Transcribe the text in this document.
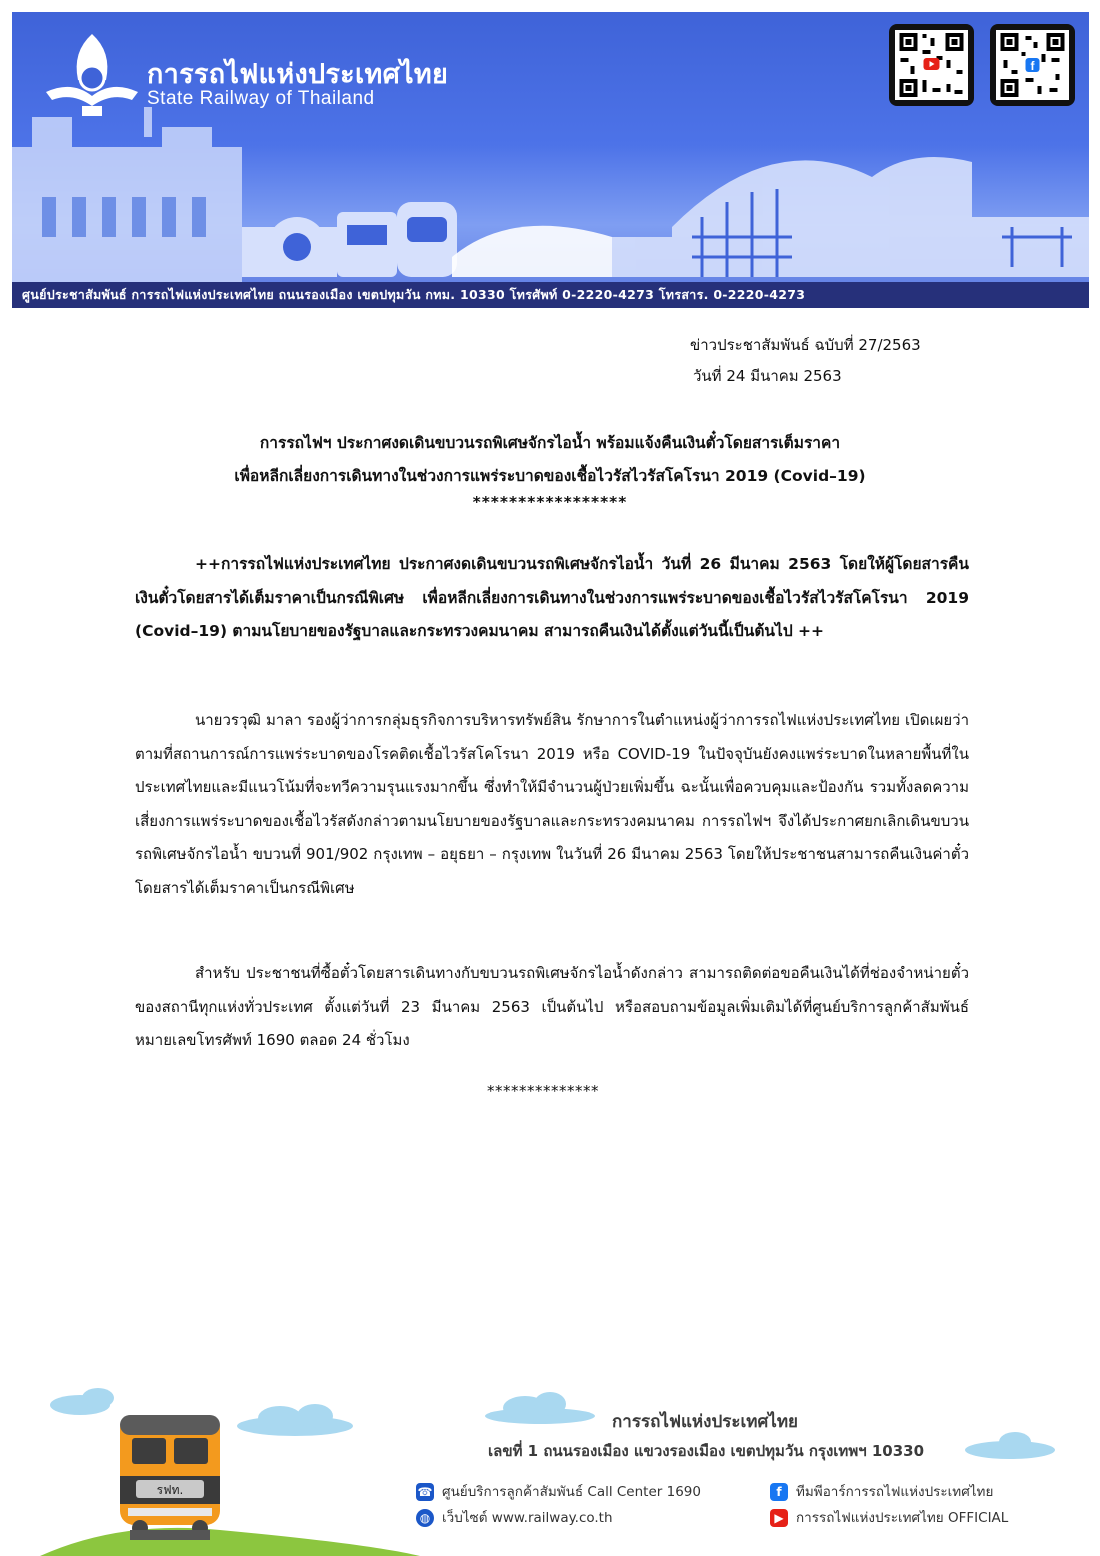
การรถไฟแห่งประเทศไทย
State Railway of Thailand
f
ศูนย์ประชาสัมพันธ์ การรถไฟแห่งประเทศไทย ถนนรองเมือง เขตปทุมวัน กทม. 10330 โทรศัพท์ 0-2220-4273 โทรสาร. 0-2220-4273
ข่าวประชาสัมพันธ์ ฉบับที่ 27/2563
วันที่ 24 มีนาคม 2563
การรถไฟฯ ประกาศงดเดินขบวนรถพิเศษจักรไอน้ำ พร้อมแจ้งคืนเงินตั๋วโดยสารเต็มราคา
เพื่อหลีกเลี่ยงการเดินทางในช่วงการแพร่ระบาดของเชื้อไวรัสไวรัสโคโรนา 2019 (Covid–19)
*****************
++การรถไฟแห่งประเทศไทย ประกาศงดเดินขบวนรถพิเศษจักรไอน้ำ วันที่ 26 มีนาคม 2563 โดยให้ผู้โดยสารคืนเงินตั๋วโดยสารได้เต็มราคาเป็นกรณีพิเศษ เพื่อหลีกเลี่ยงการเดินทางในช่วงการแพร่ระบาดของเชื้อไวรัสไวรัสโคโรนา 2019 (Covid–19) ตามนโยบายของรัฐบาลและกระทรวงคมนาคม สามารถคืนเงินได้ตั้งแต่วันนี้เป็นต้นไป ++
นายวรวุฒิ มาลา รองผู้ว่าการกลุ่มธุรกิจการบริหารทรัพย์สิน รักษาการในตำแหน่งผู้ว่าการรถไฟแห่งประเทศไทย เปิดเผยว่า ตามที่สถานการณ์การแพร่ระบาดของโรคติดเชื้อไวรัสโคโรนา 2019 หรือ COVID-19 ในปัจจุบันยังคงแพร่ระบาดในหลายพื้นที่ในประเทศไทยและมีแนวโน้มที่จะทวีความรุนแรงมากขึ้น ซึ่งทำให้มีจำนวนผู้ป่วยเพิ่มขึ้น ฉะนั้นเพื่อควบคุมและป้องกัน รวมทั้งลดความเสี่ยงการแพร่ระบาดของเชื้อไวรัสดังกล่าวตามนโยบายของรัฐบาลและกระทรวงคมนาคม การรถไฟฯ จึงได้ประกาศยกเลิกเดินขบวนรถพิเศษจักรไอน้ำ ขบวนที่ 901/902 กรุงเทพ – อยุธยา – กรุงเทพ ในวันที่ 26 มีนาคม 2563 โดยให้ประชาชนสามารถคืนเงินค่าตั๋วโดยสารได้เต็มราคาเป็นกรณีพิเศษ
สำหรับ ประชาชนที่ซื้อตั๋วโดยสารเดินทางกับขบวนรถพิเศษจักรไอน้ำดังกล่าว สามารถติดต่อขอคืนเงินได้ที่ช่องจำหน่ายตั๋วของสถานีทุกแห่งทั่วประเทศ ตั้งแต่วันที่ 23 มีนาคม 2563 เป็นต้นไป หรือสอบถามข้อมูลเพิ่มเติมได้ที่ศูนย์บริการลูกค้าสัมพันธ์ หมายเลขโทรศัพท์ 1690 ตลอด 24 ชั่วโมง
**************
รฟท.
การรถไฟแห่งประเทศไทย
เลขที่ 1 ถนนรองเมือง แขวงรองเมือง เขตปทุมวัน กรุงเทพฯ 10330
☎ ศูนย์บริการลูกค้าสัมพันธ์ Call Center 1690
◍ เว็บไซต์ www.railway.co.th
f ทีมพีอาร์การรถไฟแห่งประเทศไทย
▶ การรถไฟแห่งประเทศไทย OFFICIAL
